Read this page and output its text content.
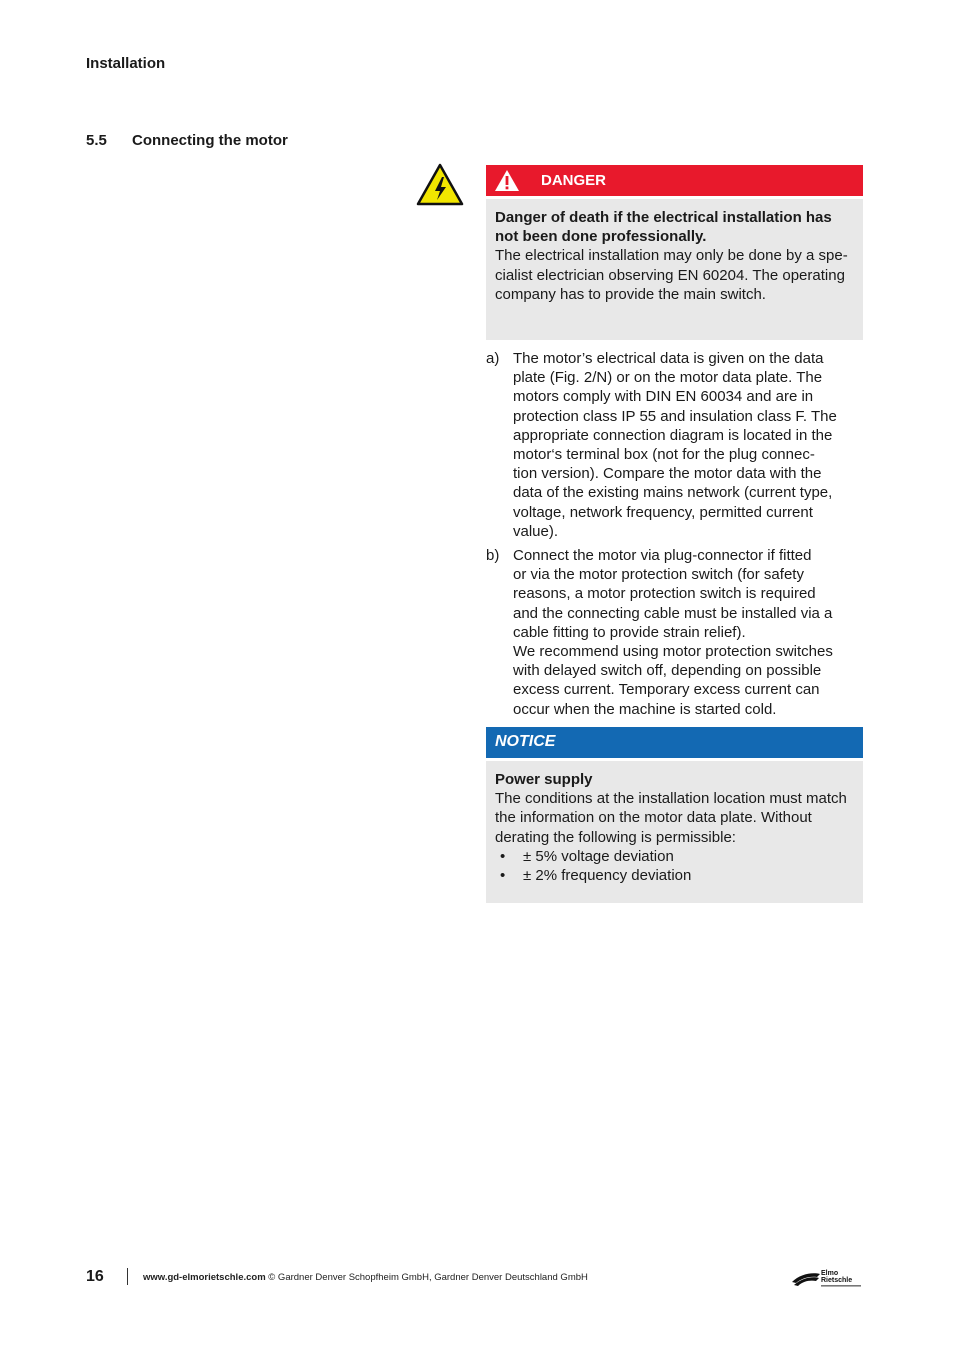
Installation
5.5 Connecting the motor
DANGER
Danger of death if the electrical installation has
not been done professionally.
The electrical installation may only be done by a spe-
cialist electrician observing EN 60204. The operating
company has to provide the main switch.
a) The motor’s electrical data is given on the data
plate (Fig. 2/N) or on the motor data plate. The
motors comply with DIN EN 60034 and are in
protection class IP 55 and insulation class F. The
appropriate connection diagram is located in the
motor‘s terminal box (not for the plug connec-
tion version). Compare the motor data with the
data of the existing mains network (current type,
voltage, network frequency, permitted current
value).
b) Connect the motor via plug-connector if fitted
or via the motor protection switch (for safety
reasons, a motor protection switch is required
and the connecting cable must be installed via a
cable fitting to provide strain relief).
We recommend using motor protection switches
with delayed switch off, depending on possible
excess current. Temporary excess current can
occur when the machine is started cold.
NOTICE
Power supply
The conditions at the installation location must match
the information on the motor data plate. Without
derating the following is permissible:
• ± 5% voltage deviation
• ± 2% frequency deviation
16	www.gd-elmorietschle.com © Gardner Denver Schopfheim GmbH, Gardner Denver Deutschland GmbH	Elmo
Rietschle
